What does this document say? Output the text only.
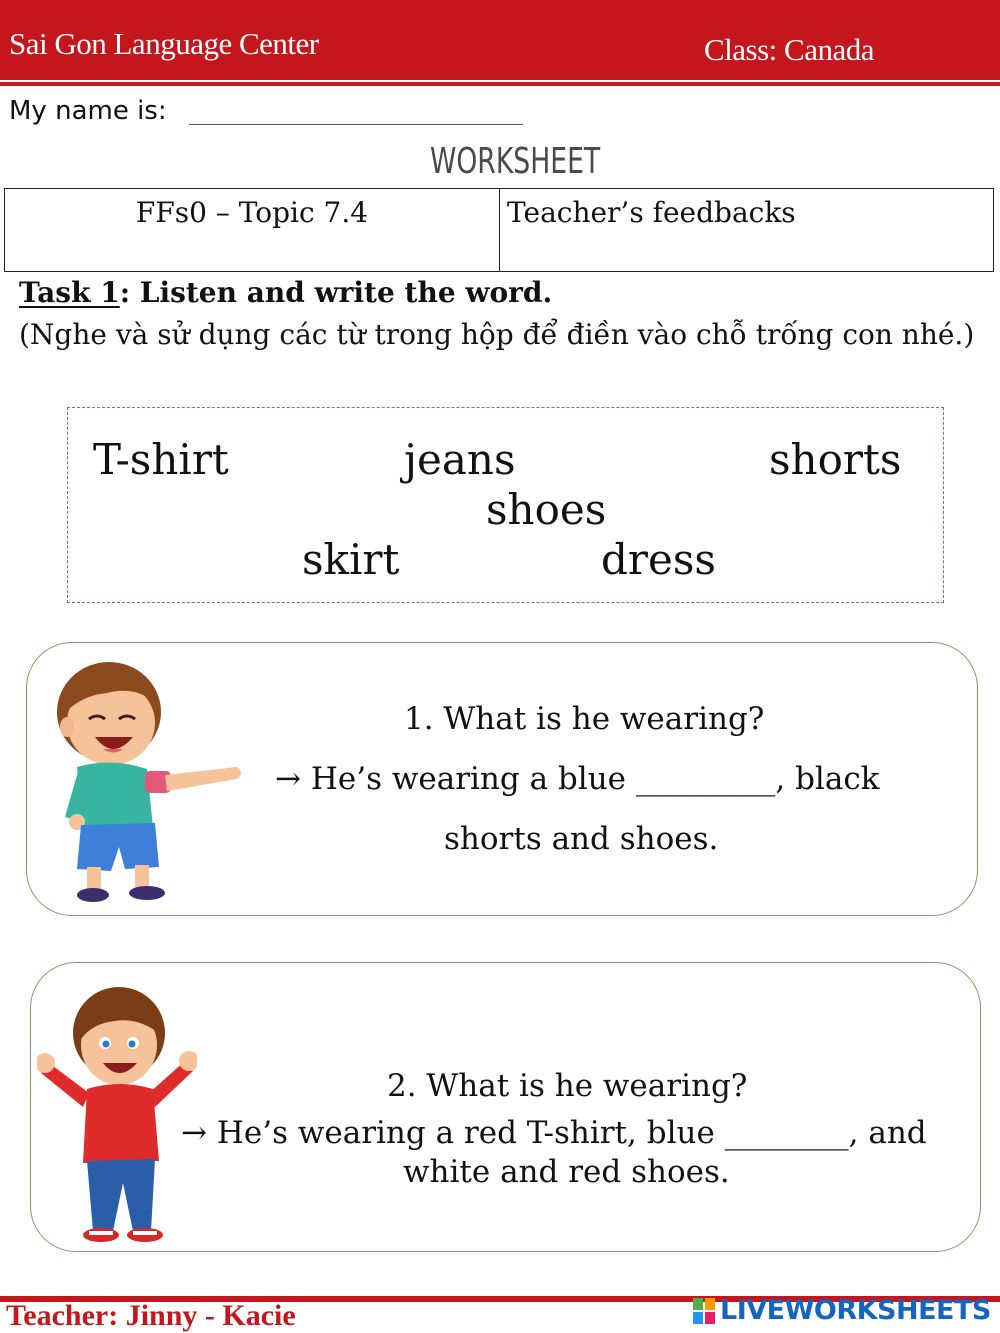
Sai Gon Language Center	Class: Canada
My name is:
WORKSHEET
FFs0 – Topic 7.4	Teacher’s feedbacks
Task 1: Listen and write the word.
(Nghe và sử dụng các từ trong hộp để điền vào chỗ trống con nhé.)
T-shirt	jeans	shorts
shoes
skirt	dress
1. What is he wearing?
→ He’s wearing a blue _________, black
shorts and shoes.
2. What is he wearing?
→ He’s wearing a red T-shirt, blue ________, and
white and red shoes.
Teacher: Jinny - Kacie	LIVEWORKSHEETS
